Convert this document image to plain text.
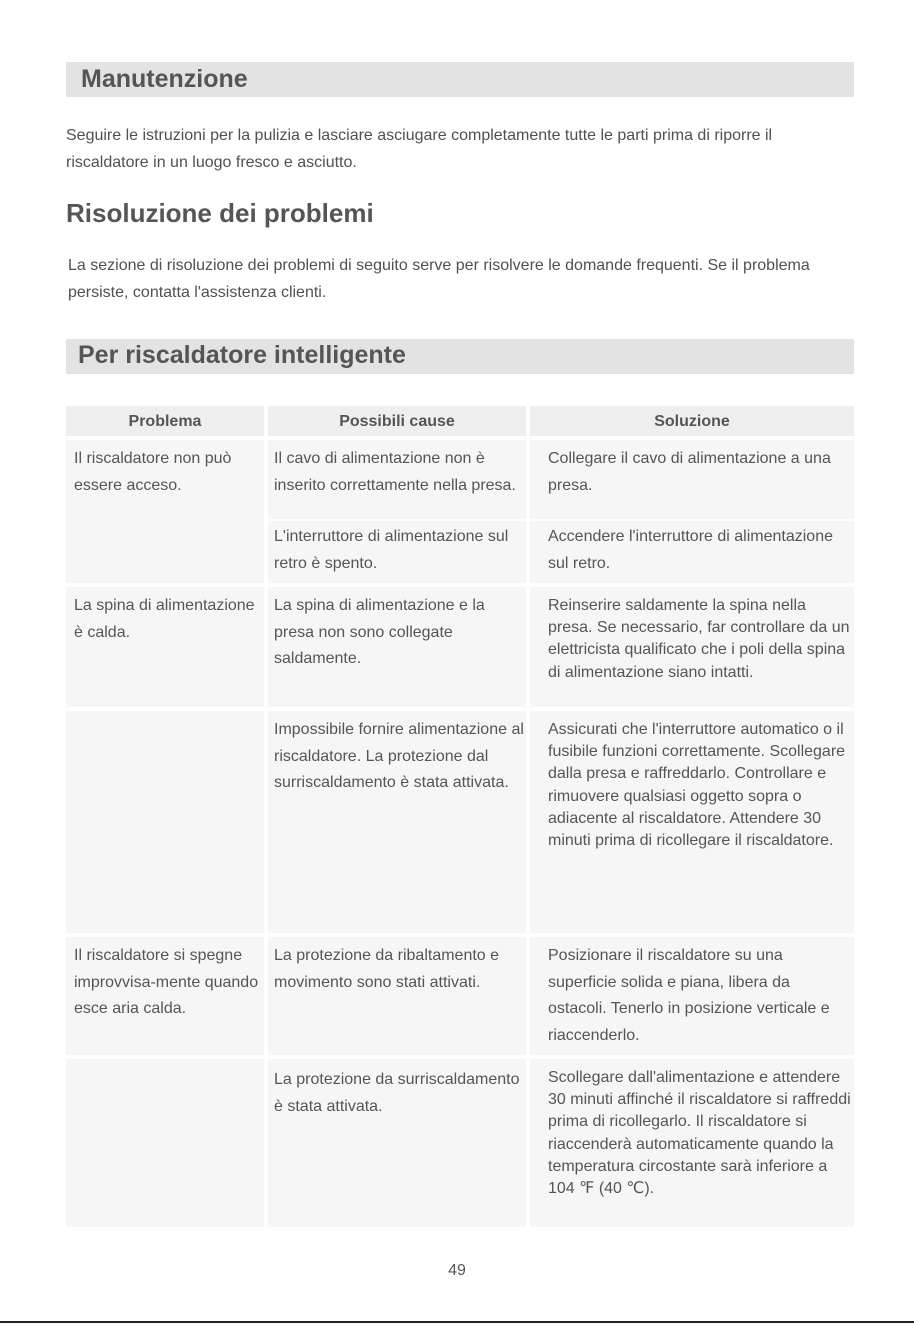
Manutenzione
Seguire le istruzioni per la pulizia e lasciare asciugare completamente tutte le parti prima di riporre il riscaldatore in un luogo fresco e asciutto.
Risoluzione dei problemi
La sezione di risoluzione dei problemi di seguito serve per risolvere le domande frequenti. Se il problema persiste, contatta l'assistenza clienti.
Per riscaldatore intelligente
Problema	Possibili cause	Soluzione
Il riscaldatore non può essere acceso.
Il cavo di alimentazione non è inserito correttamente nella presa.
Collegare il cavo di alimentazione a una presa.
L'interruttore di alimentazione sul retro è spento.
Accendere l'interruttore di alimentazione sul retro.
La spina di alimentazione è calda.
La spina di alimentazione e la presa non sono collegate saldamente.
Reinserire saldamente la spina nella presa. Se necessario, far controllare da un elettricista qualificato che i poli della spina di alimentazione siano intatti.
Impossibile fornire alimentazione al riscaldatore. La protezione dal surriscaldamento è stata attivata.
Assicurati che l'interruttore automatico o il fusibile funzioni correttamente. Scollegare dalla presa e raffreddarlo. Controllare e rimuovere qualsiasi oggetto sopra o adiacente al riscaldatore. Attendere 30 minuti prima di ricollegare il riscaldatore.
Il riscaldatore si spegne improvvisa-mente quando esce aria calda.
La protezione da ribaltamento e movimento sono stati attivati.
Posizionare il riscaldatore su una superficie solida e piana, libera da ostacoli. Tenerlo in posizione verticale e riaccenderlo.
La protezione da surriscaldamento è stata attivata.
Scollegare dall'alimentazione e attendere 30 minuti affinché il riscaldatore si raffreddi prima di ricollegarlo. Il riscaldatore si riaccenderà automaticamente quando la temperatura circostante sarà inferiore a 104 ℉ (40 ℃).
49
